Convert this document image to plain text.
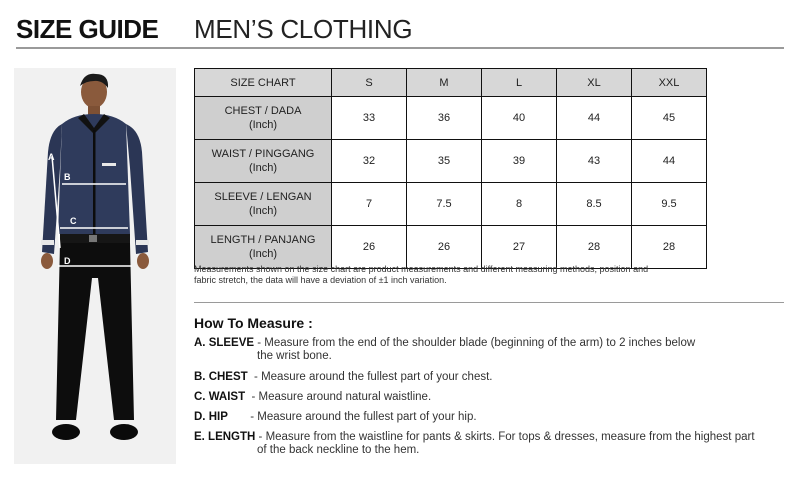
SIZE GUIDE MEN’S CLOTHING
A
B
C
D
SIZE CHART	S	M	L	XL	XXL
CHEST / DADA
(Inch)	33	36	40	44	45
WAIST / PINGGANG
(Inch)	32	35	39	43	44
SLEEVE / LENGAN
(Inch)	7	7.5	8	8.5	9.5
LENGTH / PANJANG
(Inch)	26	26	27	28	28
Measurements shown on the size chart are product measurements and different measuring methods, position and
fabric stretch, the data will have a deviation of ±1 inch variation.
How To Measure :
A. SLEEVE - Measure from the end of the shoulder blade (beginning of the arm) to 2 inches below
the wrist bone.
B. CHEST  - Measure around the fullest part of your chest.
C. WAIST  - Measure around natural waistline.
D. HIP       - Measure around the fullest part of your hip.
E. LENGTH - Measure from the waistline for pants & skirts. For tops & dresses, measure from the highest part
of the back neckline to the hem.
